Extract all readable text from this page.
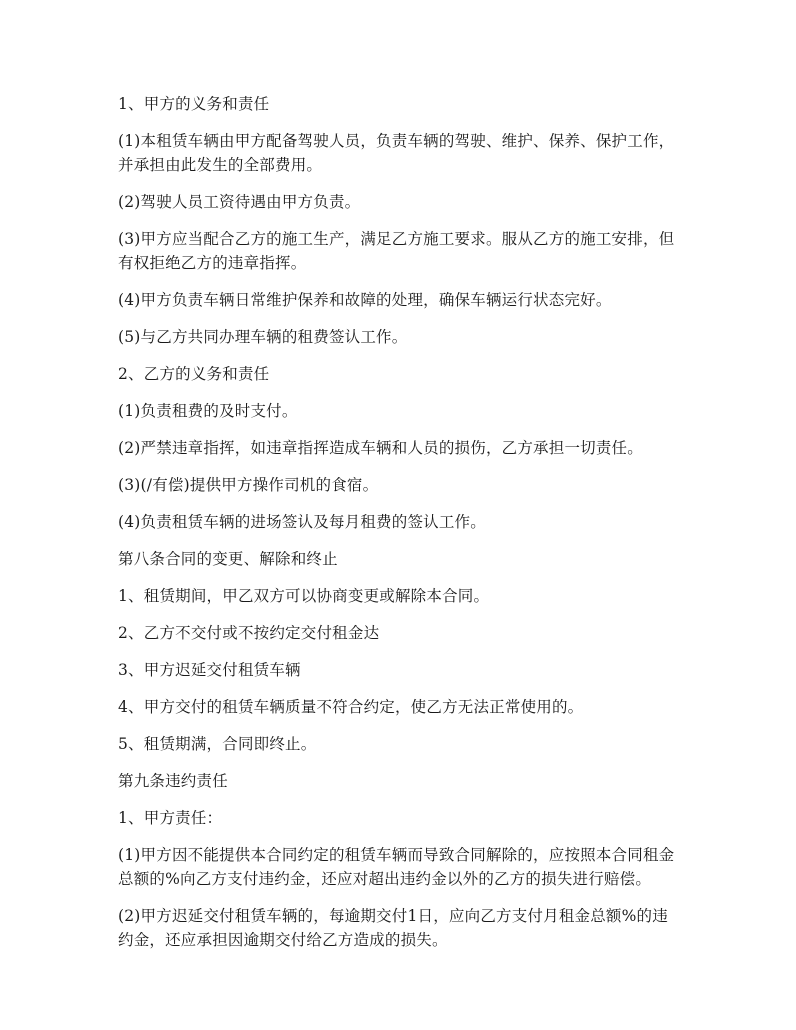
1、甲方的义务和责任

(1)本租赁车辆由甲方配备驾驶人员，负责车辆的驾驶、维护、保养、保护工作，并承担由此发生的全部费用。

(2)驾驶人员工资待遇由甲方负责。

(3)甲方应当配合乙方的施工生产，满足乙方施工要求。服从乙方的施工安排，但有权拒绝乙方的违章指挥。

(4)甲方负责车辆日常维护保养和故障的处理，确保车辆运行状态完好。

(5)与乙方共同办理车辆的租费签认工作。

2、乙方的义务和责任

(1)负责租费的及时支付。

(2)严禁违章指挥，如违章指挥造成车辆和人员的损伤，乙方承担一切责任。

(3)(/有偿)提供甲方操作司机的食宿。

(4)负责租赁车辆的进场签认及每月租费的签认工作。

第八条合同的变更、解除和终止

1、租赁期间，甲乙双方可以协商变更或解除本合同。

2、乙方不交付或不按约定交付租金达

3、甲方迟延交付租赁车辆

4、甲方交付的租赁车辆质量不符合约定，使乙方无法正常使用的。

5、租赁期满，合同即终止。

第九条违约责任

1、甲方责任：

(1)甲方因不能提供本合同约定的租赁车辆而导致合同解除的，应按照本合同租金总额的%向乙方支付违约金，还应对超出违约金以外的乙方的损失进行赔偿。

(2)甲方迟延交付租赁车辆的，每逾期交付1日，应向乙方支付月租金总额%的违约金，还应承担因逾期交付给乙方造成的损失。
